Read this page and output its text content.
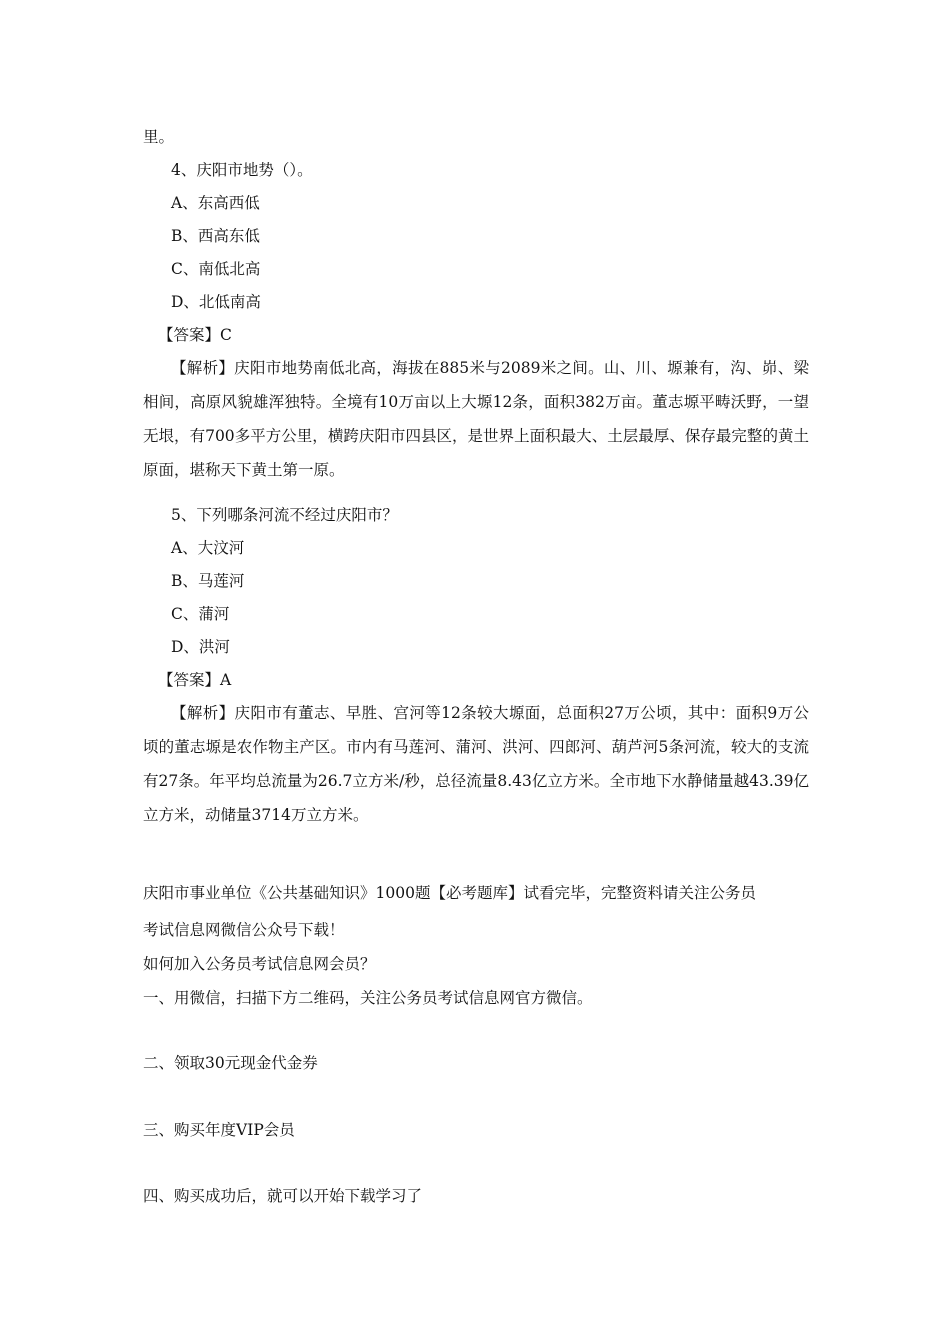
里。
4、庆阳市地势（）。
A、东高西低
B、西高东低
C、南低北高
D、北低南高
【答案】C
【解析】庆阳市地势南低北高，海拔在885米与2089米之间。山、川、塬兼有，沟、峁、梁相间，高原风貌雄浑独特。全境有10万亩以上大塬12条，面积382万亩。董志塬平畴沃野，一望无垠，有700多平方公里，横跨庆阳市四县区，是世界上面积最大、土层最厚、保存最完整的黄土原面，堪称天下黄土第一原。
5、下列哪条河流不经过庆阳市？
A、大汶河
B、马莲河
C、蒲河
D、洪河
【答案】A
【解析】庆阳市有董志、早胜、宫河等12条较大塬面，总面积27万公顷，其中：面积9万公顷的董志塬是农作物主产区。市内有马莲河、蒲河、洪河、四郎河、葫芦河5条河流，较大的支流有27条。年平均总流量为26.7立方米/秒，总径流量8.43亿立方米。全市地下水静储量越43.39亿立方米，动储量3714万立方米。
庆阳市事业单位《公共基础知识》1000题【必考题库】试看完毕，完整资料请关注公务员
考试信息网微信公众号下载！
如何加入公务员考试信息网会员？
一、用微信，扫描下方二维码，关注公务员考试信息网官方微信。
二、领取30元现金代金券
三、购买年度VIP会员
四、购买成功后，就可以开始下载学习了
